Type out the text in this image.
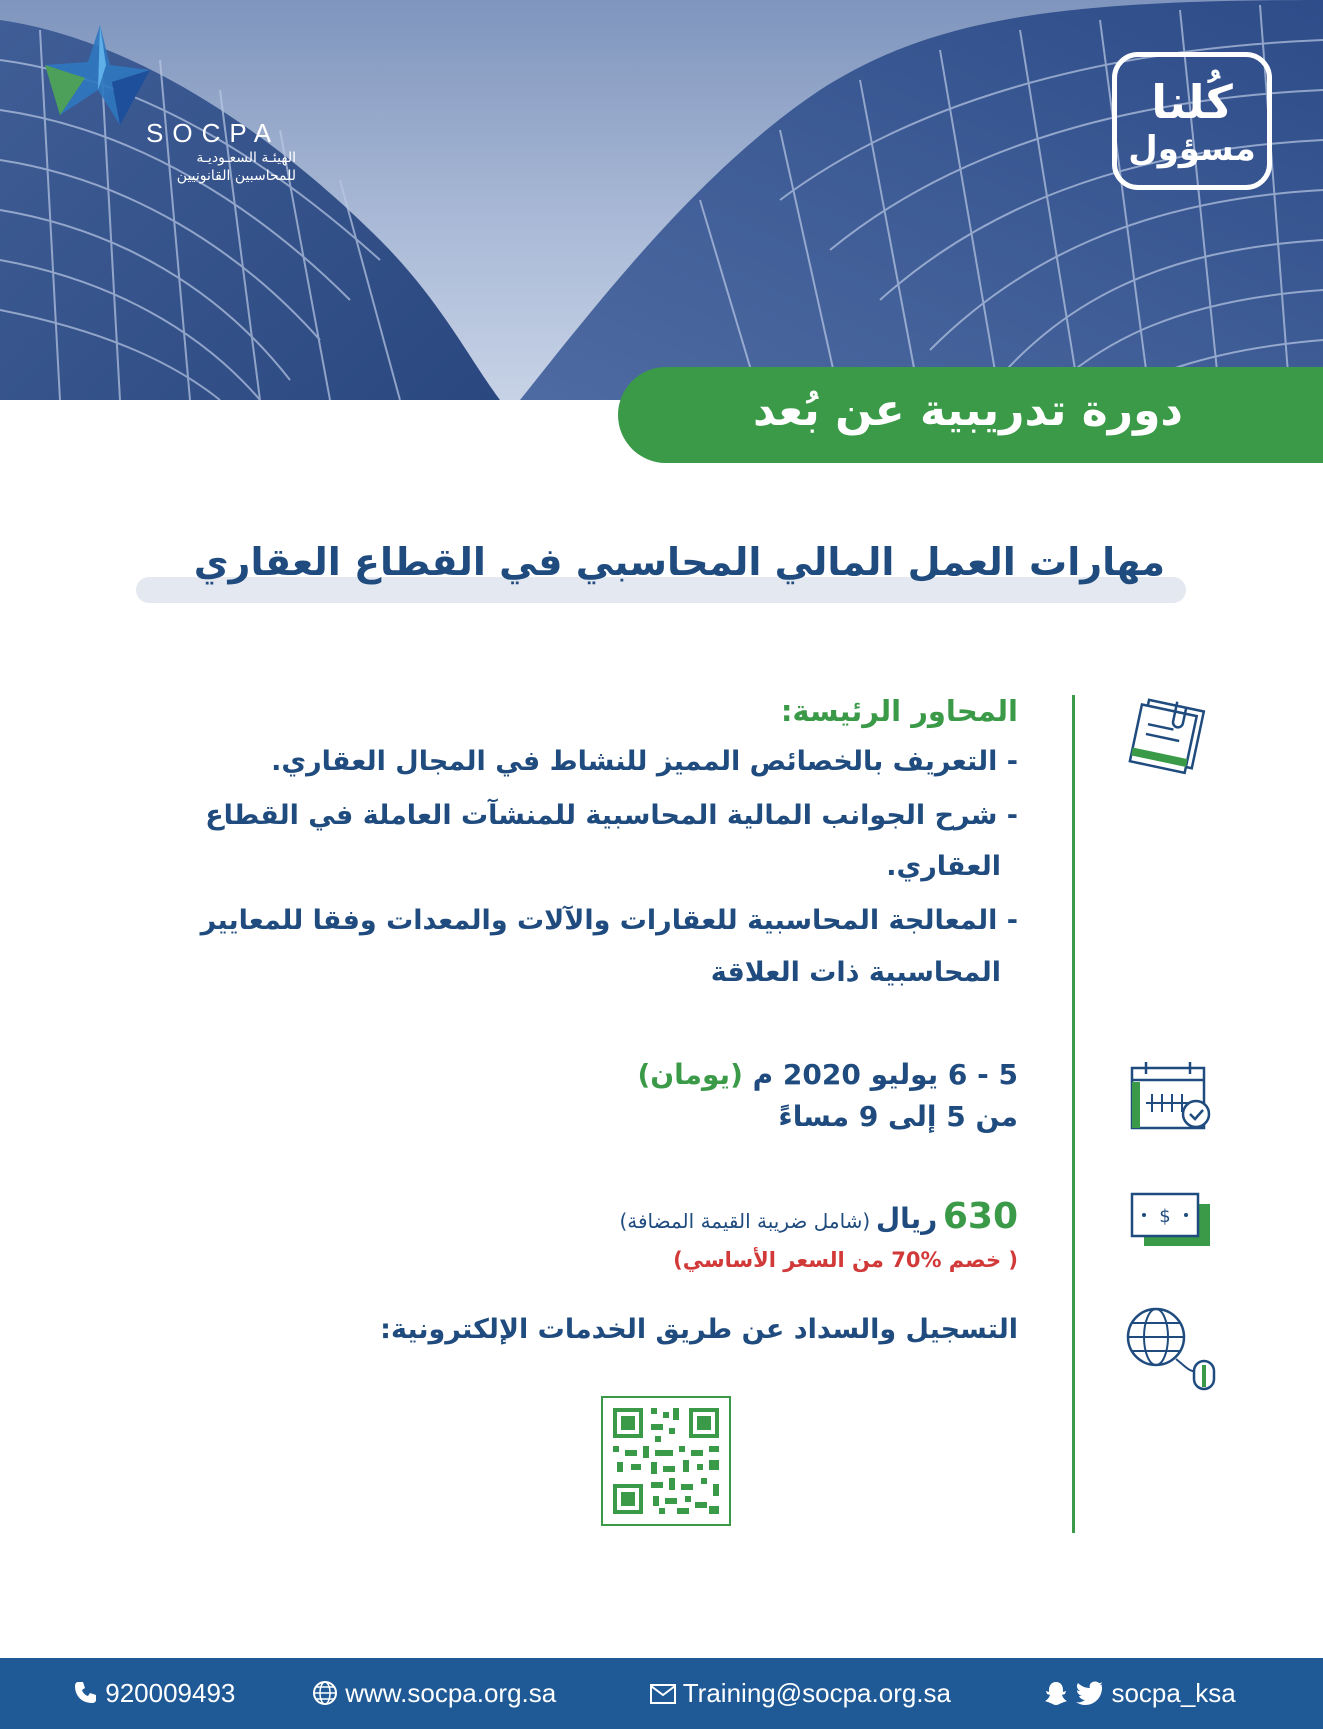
SOCPA
الهيئـة السعـوديـة
للمحاسبين القانونيين
كُلنا
مسؤول
دورة تدريبية عن بُعد
مهارات العمل المالي المحاسبي في القطاع العقاري
$
المحاور الرئيسة:
- التعريف بالخصائص المميز للنشاط في المجال العقاري.
- شرح الجوانب المالية المحاسبية للمنشآت العاملة في القطاع
العقاري.
- المعالجة المحاسبية للعقارات والآلات والمعدات وفقا للمعايير
المحاسبية ذات العلاقة
5 - 6 يوليو 2020 م (يومان)
من 5 إلى 9 مساءً
630 ريال (شامل ضريبة القيمة المضافة)
( خصم %70 من السعر الأساسي)
التسجيل والسداد عن طريق الخدمات الإلكترونية:
920009493	www.socpa.org.sa	Training@socpa.org.sa	socpa_ksa
